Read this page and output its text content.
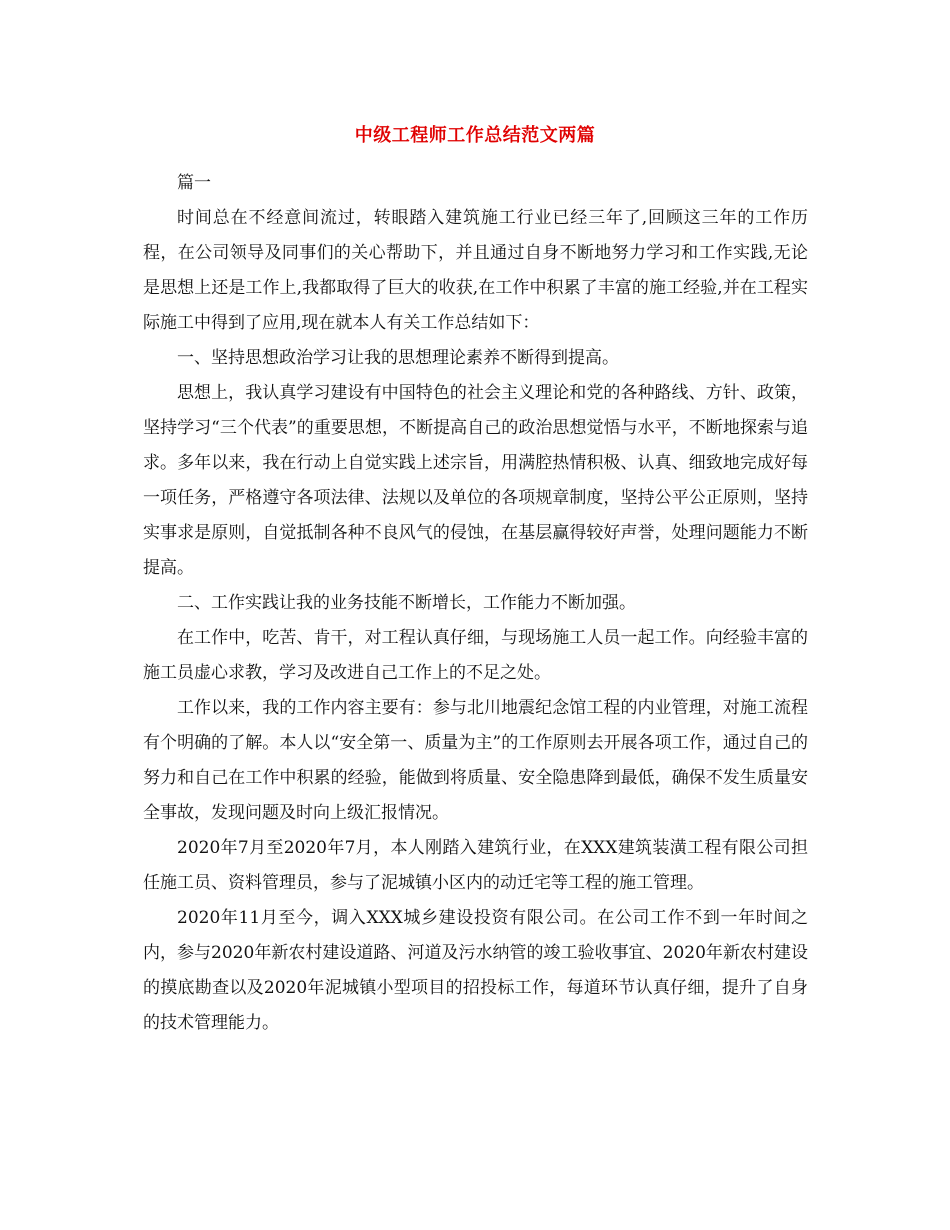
中级工程师工作总结范文两篇

篇一

时间总在不经意间流过，转眼踏入建筑施工行业已经三年了,回顾这三年的工作历程，在公司领导及同事们的关心帮助下，并且通过自身不断地努力学习和工作实践,无论是思想上还是工作上,我都取得了巨大的收获,在工作中积累了丰富的施工经验,并在工程实际施工中得到了应用,现在就本人有关工作总结如下：

一、坚持思想政治学习让我的思想理论素养不断得到提高。

思想上，我认真学习建设有中国特色的社会主义理论和党的各种路线、方针、政策，坚持学习“三个代表”的重要思想，不断提高自己的政治思想觉悟与水平，不断地探索与追求。多年以来，我在行动上自觉实践上述宗旨，用满腔热情积极、认真、细致地完成好每一项任务，严格遵守各项法律、法规以及单位的各项规章制度，坚持公平公正原则，坚持实事求是原则，自觉抵制各种不良风气的侵蚀，在基层赢得较好声誉，处理问题能力不断提高。

二、工作实践让我的业务技能不断增长，工作能力不断加强。

在工作中，吃苦、肯干，对工程认真仔细，与现场施工人员一起工作。向经验丰富的施工员虚心求教，学习及改进自己工作上的不足之处。

工作以来，我的工作内容主要有：参与北川地震纪念馆工程的内业管理，对施工流程有个明确的了解。本人以“安全第一、质量为主”的工作原则去开展各项工作，通过自己的努力和自己在工作中积累的经验，能做到将质量、安全隐患降到最低，确保不发生质量安全事故，发现问题及时向上级汇报情况。

2020年7月至2020年7月，本人刚踏入建筑行业，在XXX建筑装潢工程有限公司担任施工员、资料管理员，参与了泥城镇小区内的动迁宅等工程的施工管理。

2020年11月至今，调入XXX城乡建设投资有限公司。在公司工作不到一年时间之内，参与2020年新农村建设道路、河道及污水纳管的竣工验收事宜、2020年新农村建设的摸底勘查以及2020年泥城镇小型项目的招投标工作，每道环节认真仔细，提升了自身的技术管理能力。
